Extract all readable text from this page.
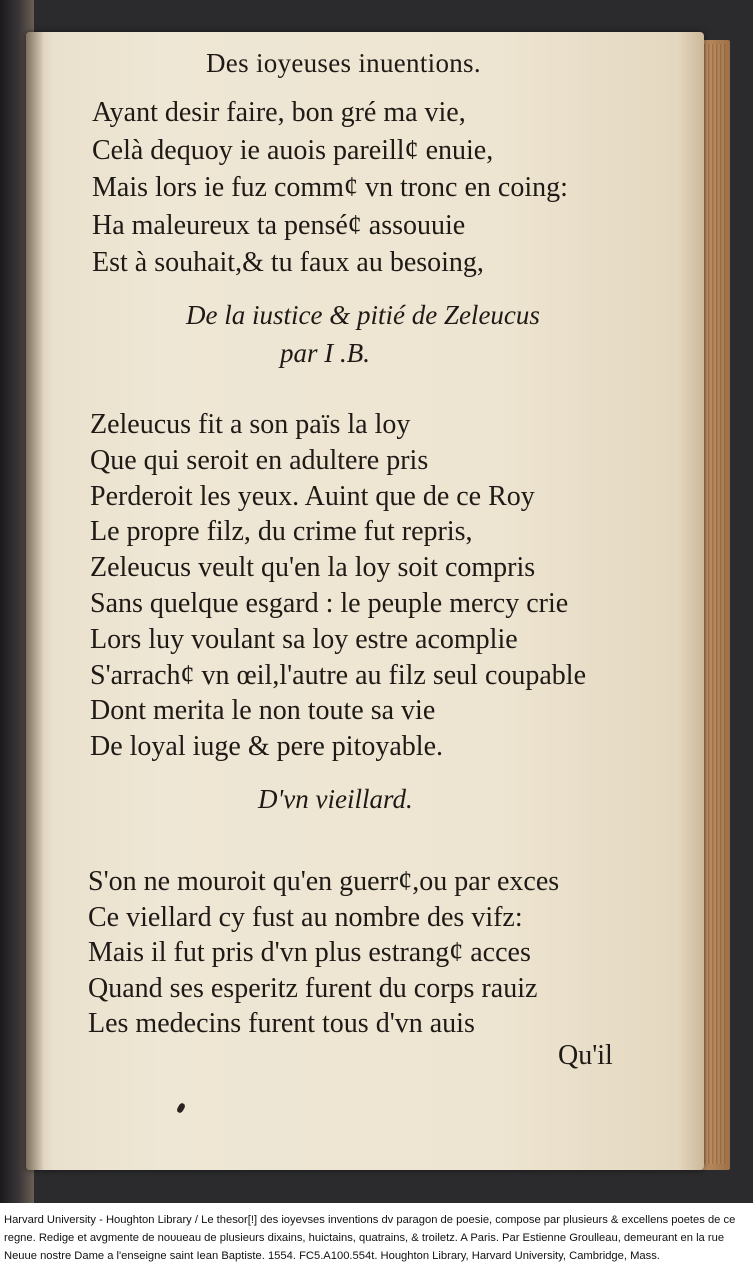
Des ioyeuses inuentions.
Ayant desir faire, bon gré ma vie,
Celà dequoy ie auois pareill¢ enuie,
Mais lors ie fuz comm¢ vn tronc en coing:
Ha maleureux ta pensé¢ assouuie
Est à souhait,& tu faux au besoing,
De la iustice & pitié de Zeleucus
par I .B.
Zeleucus fit a son païs la loy
Que qui seroit en adultere pris
Perderoit les yeux. Auint que de ce Roy
Le propre filz, du crime fut repris,
Zeleucus veult qu'en la loy soit compris
Sans quelque esgard : le peuple mercy crie
Lors luy voulant sa loy estre acomplie
S'arrach¢ vn œil,l'autre au filz seul coupable
Dont merita le non toute sa vie
De loyal iuge & pere pitoyable.
D'vn vieillard.
S'on ne mouroit qu'en guerr¢,ou par exces
Ce viellard cy fust au nombre des vifz:
Mais il fut pris d'vn plus estrang¢ acces
Quand ses esperitz furent du corps rauiz
Les medecins furent tous d'vn auis
Qu'il
Harvard University - Houghton Library / Le thesor[!] des ioyevses inventions dv paragon de poesie, compose par plusieurs & excellens poetes de ce regne. Redige et avgmente de noυueau de plusieurs dixains, huictains, quatrains, & troiletz. A Paris. Par Estienne Groulleau, demeurant en la rue Neuue nostre Dame a l'enseigne saint Iean Baptiste. 1554. FC5.A100.554t. Houghton Library, Harvard University, Cambridge, Mass.
